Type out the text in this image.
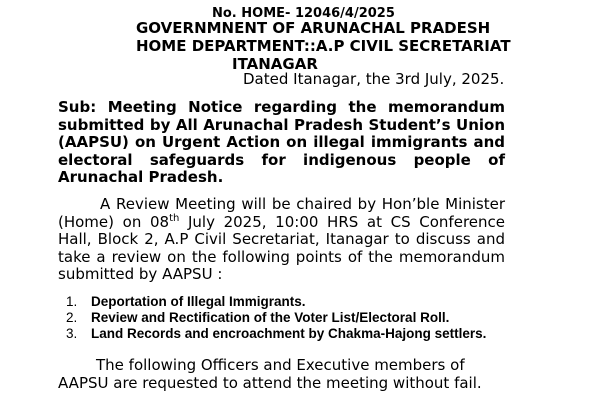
No. HOME- 12046/4/2025
GOVERNMNENT OF ARUNACHAL PRADESH
HOME DEPARTMENT::A.P CIVIL SECRETARIAT
ITANAGAR
Dated Itanagar, the 3rd July, 2025.
Sub: Meeting Notice regarding the memorandum submitted by All Arunachal Pradesh Student’s Union (AAPSU) on Urgent Action on illegal immigrants and electoral safeguards for indigenous people of Arunachal Pradesh.
A Review Meeting will be chaired by Hon’ble Minister (Home) on 08th July 2025, 10:00 HRS at CS Conference Hall, Block 2, A.P Civil Secretariat, Itanagar to discuss and take a review on the following points of the memorandum submitted by AAPSU :
1. Deportation of Illegal Immigrants.
2. Review and Rectification of the Voter List/Electoral Roll.
3. Land Records and encroachment by Chakma-Hajong settlers.
The following Officers and Executive members of AAPSU are requested to attend the meeting without fail.
